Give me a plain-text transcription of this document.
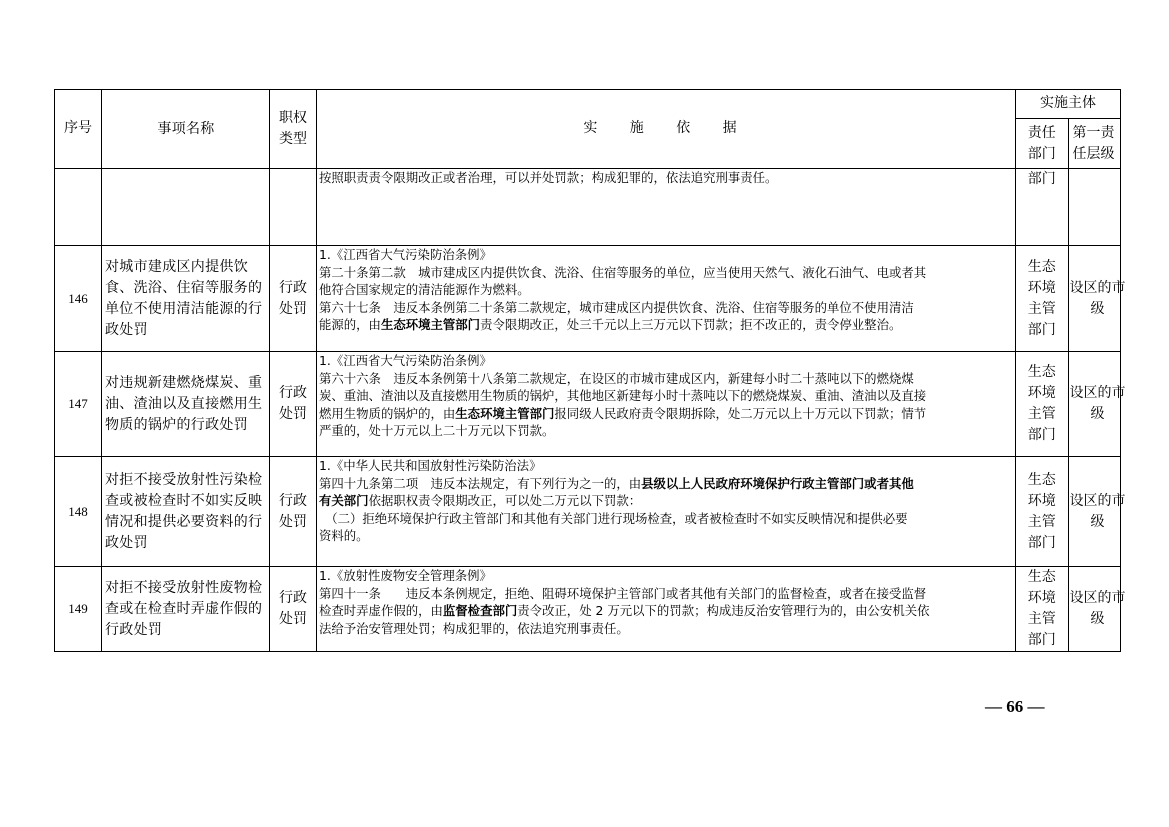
序号	事项名称	职权类型	实 施 依 据	实施主体	

				责任部门	第一责任层级

			按照职责责令限期改正或者治理，可以并处罚款；构成犯罪的，依法追究刑事责任。	部门	

146	对城市建成区内提供饮食、洗浴、住宿等服务的单位不使用清洁能源的行政处罚	行政处罚	1.《江西省大气污染防治条例》
第二十条第二款　城市建成区内提供饮食、洗浴、住宿等服务的单位，应当使用天然气、液化石油气、电或者其
他符合国家规定的清洁能源作为燃料。
第六十七条　违反本条例第二十条第二款规定，城市建成区内提供饮食、洗浴、住宿等服务的单位不使用清洁
能源的，由生态环境主管部门责令限期改正，处三千元以上三万元以下罚款；拒不改正的，责令停业整治。	生态环境主管部门	设区的市级

147	对违规新建燃烧煤炭、重油、渣油以及直接燃用生物质的锅炉的行政处罚	行政处罚	1.《江西省大气污染防治条例》
第六十六条　违反本条例第十八条第二款规定，在设区的市城市建成区内，新建每小时二十蒸吨以下的燃烧煤
炭、重油、渣油以及直接燃用生物质的锅炉，其他地区新建每小时十蒸吨以下的燃烧煤炭、重油、渣油以及直接
燃用生物质的锅炉的，由生态环境主管部门报同级人民政府责令限期拆除，处二万元以上十万元以下罚款；情节
严重的，处十万元以上二十万元以下罚款。	生态环境主管部门	设区的市级

148	对拒不接受放射性污染检查或被检查时不如实反映情况和提供必要资料的行政处罚	行政处罚	1.《中华人民共和国放射性污染防治法》
第四十九条第二项　违反本法规定，有下列行为之一的，由县级以上人民政府环境保护行政主管部门或者其他
有关部门依据职权责令限期改正，可以处二万元以下罚款：
　（二）拒绝环境保护行政主管部门和其他有关部门进行现场检查，或者被检查时不如实反映情况和提供必要
资料的。	生态环境主管部门	设区的市级

149	对拒不接受放射性废物检查或在检查时弄虚作假的行政处罚	行政处罚	1.《放射性废物安全管理条例》
第四十一条　　违反本条例规定，拒绝、阻碍环境保护主管部门或者其他有关部门的监督检查，或者在接受监督
检查时弄虚作假的，由监督检查部门责令改正，处 2 万元以下的罚款；构成违反治安管理行为的，由公安机关依
法给予治安管理处罚；构成犯罪的，依法追究刑事责任。	生态环境主管部门	设区的市级
— 66 —
